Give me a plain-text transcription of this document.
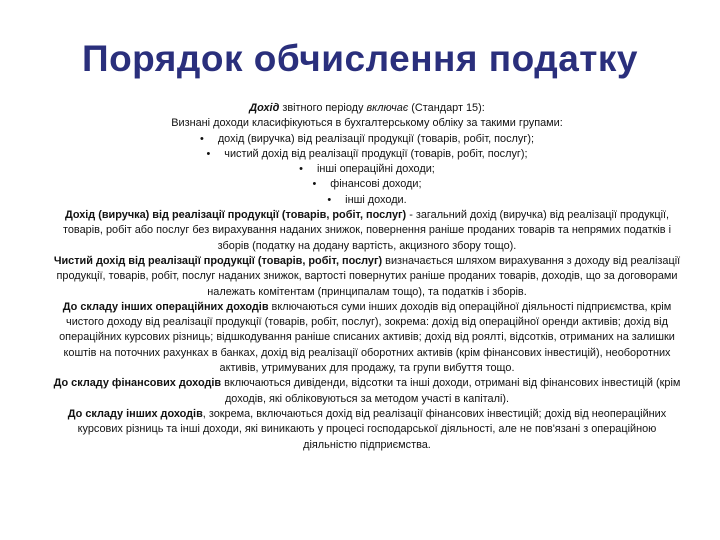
Порядок обчислення податку

Дохід звітного періоду включає (Стандарт 15):

Визнані доходи класифікуються в бухгалтерському обліку за такими групами:

• дохід (виручка) від реалізації продукції (товарів, робіт, послуг);

• чистий дохід від реалізації продукції (товарів, робіт, послуг);

• інші операційні доходи;

• фінансові доходи;

• інші доходи.

Дохід (виручка) від реалізації продукції (товарів, робіт, послуг) - загальний дохід (виручка) від реалізації продукції, товарів, робіт або послуг без вирахування наданих знижок, повернення раніше проданих товарів та непрямих податків і зборів (податку на додану вартість, акцизного збору тощо).

Чистий дохід від реалізації продукції (товарів, робіт, послуг) визначається шляхом вирахування з доходу від реалізації продукції, товарів, робіт, послуг наданих знижок, вартості повернутих раніше проданих товарів, доходів, що за договорами належать комітентам (принципалам тощо), та податків і зборів.

До складу інших операційних доходів включаються суми інших доходів від операційної діяльності підприємства, крім чистого доходу від реалізації продукції (товарів, робіт, послуг), зокрема: дохід від операційної оренди активів; дохід від операційних курсових різниць; відшкодування раніше списаних активів; дохід від роялті, відсотків, отриманих на залишки коштів на поточних рахунках в банках, дохід від реалізації оборотних активів (крім фінансових інвестицій), необоротних активів, утримуваних для продажу, та групи вибуття тощо.

До складу фінансових доходів включаються дивіденди, відсотки та інші доходи, отримані від фінансових інвестицій (крім доходів, які обліковуються за методом участі в капіталі).

До складу інших доходів, зокрема, включаються дохід від реалізації фінансових інвестицій; дохід від неопераційних курсових різниць та інші доходи, які виникають у процесі господарської діяльності, але не пов'язані з операційною діяльністю підприємства.
